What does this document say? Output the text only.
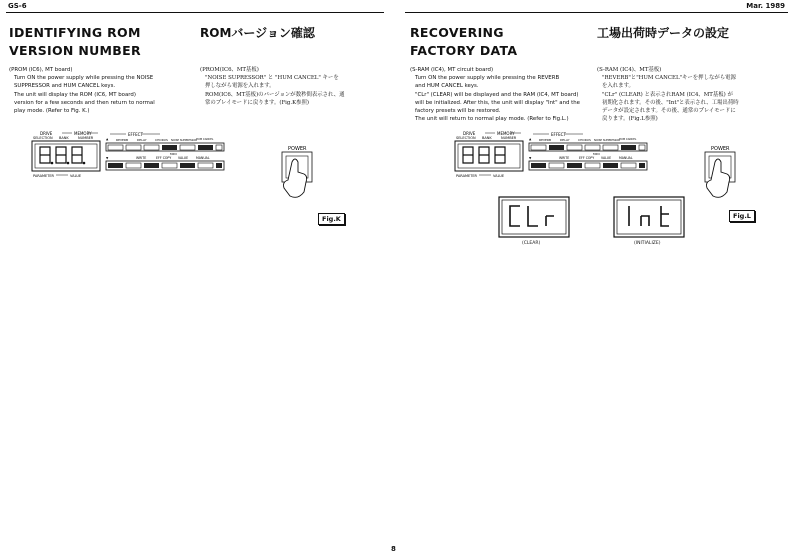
GS-6	Mar. 1989
IDENTIFYING ROM
VERSION NUMBER
ROMバージョン確認

(PROM (IC6), MT board)

Turn ON the power supply while pressing the NOISE

SUPPRESSOR and HUM CANCEL keys.

The unit will display the ROM (IC6, MT board)

version for a few seconds and then return to normal

play mode. (Refer to Fig. K.)

(PROM(IC6、MT基板)

"NOISE SUPRESSOR" と "HUM CANCEL" キーを

押しながら電源を入れます。

ROM(IC6、MT基板)のバージョンが数秒間表示され、通

常のプレイモードに戻ります。(Fig.K参照)

DRIVE
SELECTION
MEMORY
BANK	NUMBER
PARAMETER	VALUE
EFFECT
▲	REVERB	DELAY	CHORUS NOISE SUPPRESSOR
HUM CANCEL
▼
MIDI
WRITE	EFF COPY VALUE MANUAL
POWER
Fig.K
RECOVERING
FACTORY DATA
工場出荷時データの設定

(S-RAM (IC4), MT circuit board)

Turn ON the power supply while pressing the REVERB

and HUM CANCEL keys.

"CLr" (CLEAR) will be displayed and the RAM (IC4, MT board)

will be initialized. After this, the unit will display "Int" and the

factory presets will be restored.

The unit will return to normal play mode. (Refer to Fig.L.)

(S-RAM (IC4)、MT基板)

"REVERB"と"HUM CANCEL"キーを押しながら電源

を入れます。

"CLr" (CLEAR) と表示されRAM (IC4、MT基板) が

初期化されます。その後、"Int"と表示され、工場出荷時

データが設定されます。その後、通常のプレイモードに

戻ります。(Fig.L参照)

DRIVE
SELECTION
MEMORY
BANK	NUMBER
PARAMETER	VALUE
EFFECT
▲	REVERB	DELAY	CHORUS NOISE SUPPRESSOR
HUM CANCEL
▼
MIDI
WRITE	EFF COPY VALUE MANUAL
POWER
(CLEAR)	(INITIALIZE)
Fig.L
8
